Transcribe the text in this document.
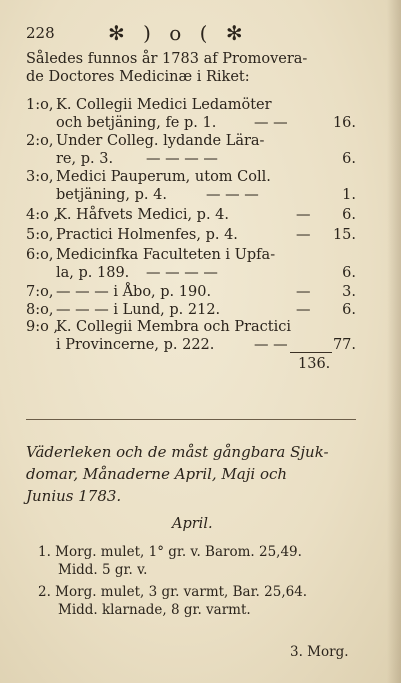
228	✻ ) o ( ✻
Således funnos år 1783 af Promovera-
de Doctores Medicinæ i Riket:
1:o, K. Collegii Medici Ledamöter
och betjäning, fe p. 1.	— —	16.
2:o, Under Colleg. lydande Lära-
re, p. 3. — — — —	6.
3:o, Medici Pauperum, utom Coll.
betjäning, p. 4.	— — —	1.
4:o ,
K. Håfvets Medici, p. 4.	— 6.
5:o, Practici Holmenfes, p. 4.	— 15.
6:o, Medicinfka Faculteten i Upfa-
la, p. 189. — — — —	6.
7:o, — — — i Åbo, p. 190.	— 3.
8:o, — — — i Lund, p. 212.	— 6.
9:o ,
K. Collegii Membra och Practici
i Provincerne, p. 222.	— —	77.
136.
Väderleken och de måst gångbara Sjuk-
domar, Månaderne April, Maji och
Junius 1783.
April.
1. Morg. mulet, 1° gr. v. Barom. 25,49.
Midd. 5 gr. v.
2. Morg. mulet, 3 gr. varmt, Bar. 25,64.
Midd. klarnade, 8 gr. varmt.
3. Morg.
